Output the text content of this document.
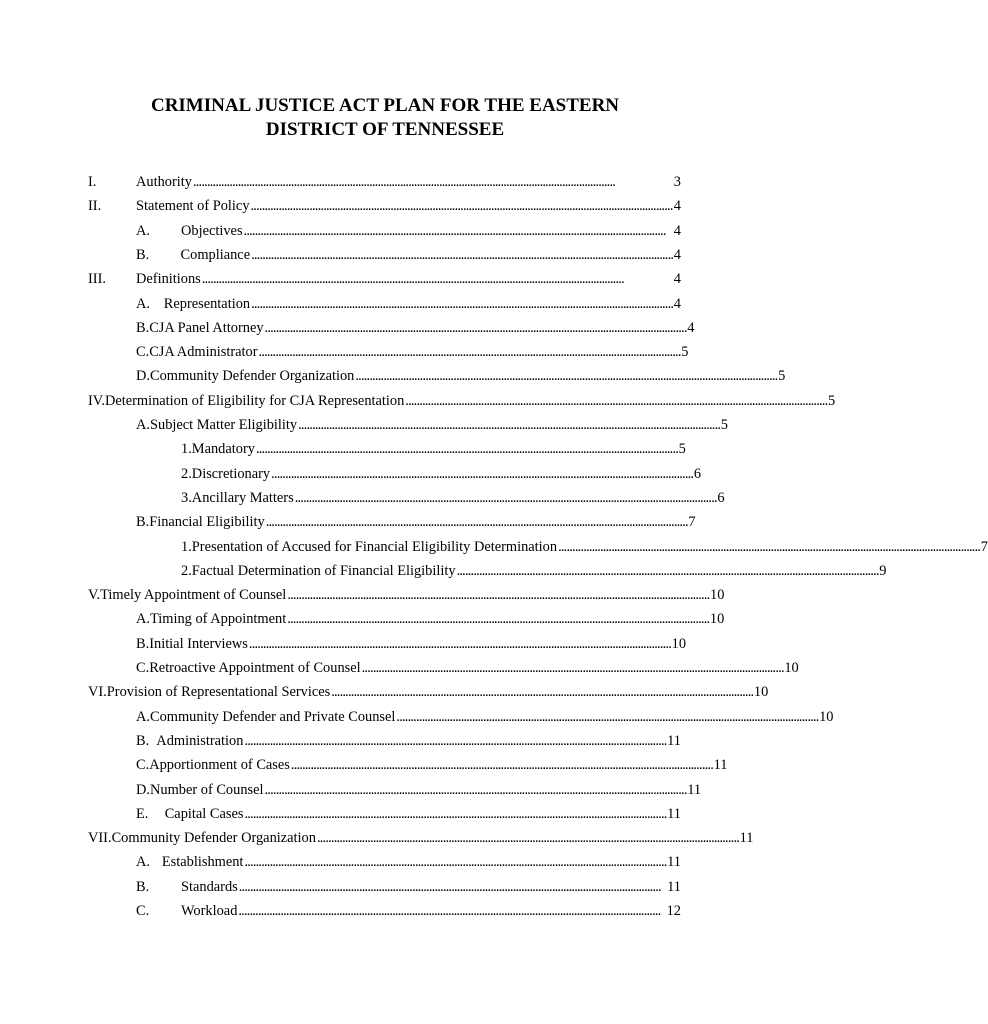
CRIMINAL JUSTICE ACT PLAN FOR THE EASTERN
DISTRICT OF TENNESSEE
I.	Authority . . .	3
II.	Statement of Policy . . .	4
A.	Objectives . . .	4
B.	Compliance . . .	4
III.	Definitions . . .	4
A. Representation . . .	4
B. CJA Panel Attorney . . .	4
C. CJA Administrator . . .	5
D. Community Defender Organization . . .	5
IV. Determination of Eligibility for CJA Representation . . .	5
A. Subject Matter Eligibility . . .	5
1. Mandatory . . .	5
2. Discretionary . . .	6
3. Ancillary Matters . . .	6
B. Financial Eligibility . . .	7
1. Presentation of Accused for Financial Eligibility Determination . . .	7
2. Factual Determination of Financial Eligibility . . .	9
V. Timely Appointment of Counsel . . .	10
A. Timing of Appointment . . .	10
B. Initial Interviews . . .	10
C. Retroactive Appointment of Counsel . . .	10
VI. Provision of Representational Services . . .	10
A. Community Defender and Private Counsel . . .	10
B. Administration . . .	11
C. Apportionment of Cases . . .	11
D. Number of Counsel . . .	11
E.	Capital Cases . . .	11
VII. Community Defender Organization . . .	11
A. Establishment . . .	11
B.	Standards . . .	11
C.	Workload . . .	12
